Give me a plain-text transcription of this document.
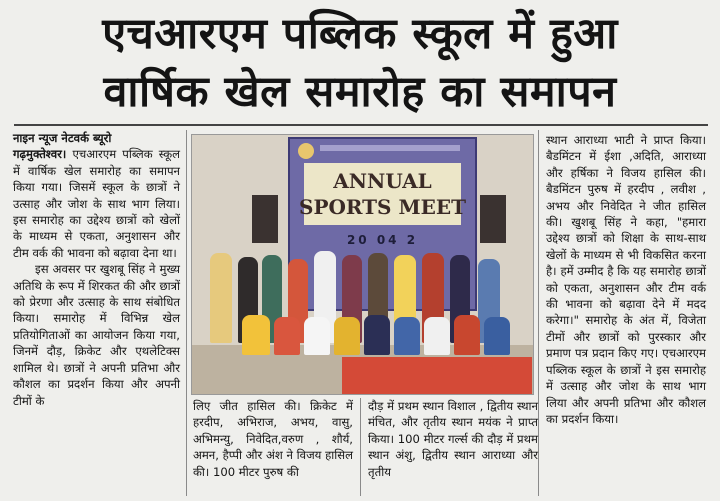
एचआरएम पब्लिक स्कूल में हुआ
वार्षिक खेल समारोह का समापन

नाइन न्यूज नेटवर्क ब्यूरो
गढ़मुक्तेश्वर। एचआरएम पब्लिक स्कूल में वार्षिक खेल समारोह का समापन किया गया। जिसमें स्कूल के छात्रों ने उत्साह और जोश के साथ भाग लिया। इस समारोह का उद्देश्य छात्रों को खेलों के माध्यम से एकता, अनुशासन और टीम वर्क की भावना को बढ़ावा देना था।

इस अवसर पर खुशबू सिंह ने मुख्य अतिथि के रूप में शिरकत की और छात्रों को प्रेरणा और उत्साह के साथ संबोधित किया। समारोह में विभिन्न खेल प्रतियोगिताओं का आयोजन किया गया, जिनमें दौड़, क्रिकेट और एथलेटिक्स शामिल थे। छात्रों ने अपनी प्रतिभा और कौशल का प्रदर्शन किया और अपनी टीमों के

ANNUAL
SPORTS MEET
20 04 2
लिए जीत हासिल की। क्रिकेट में हरदीप, अभिराज, अभय, वासु, अभिमन्यु, निवेदित,वरुण , शौर्य, अमन, हैप्पी और अंश ने विजय हासिल की। 100 मीटर पुरुष की
दौड़ में प्रथम स्थान विशाल , द्वितीय स्थान मंचित, और तृतीय स्थान मयंक ने प्राप्त किया। 100 मीटर गर्ल्स की दौड़ में प्रथम स्थान अंशु, द्वितीय स्थान आराध्या और तृतीय
स्थान आराध्या भाटी ने प्राप्त किया। बैडमिंटन में ईशा ,अदिति, आराध्या और हर्षिका ने विजय हासिल की। बैडमिंटन पुरुष में हरदीप , लवीश , अभय और निवेदित ने जीत हासिल की। खुशबू सिंह ने कहा, "हमारा उद्देश्य छात्रों को शिक्षा के साथ-साथ खेलों के माध्यम से भी विकसित करना है। हमें उम्मीद है कि यह समारोह छात्रों को एकता, अनुशासन और टीम वर्क की भावना को बढ़ावा देने में मदद करेगा।" समारोह के अंत में, विजेता टीमों और छात्रों को पुरस्कार और प्रमाण पत्र प्रदान किए गए। एचआरएम पब्लिक स्कूल के छात्रों ने इस समारोह में उत्साह और जोश के साथ भाग लिया और अपनी प्रतिभा और कौशल का प्रदर्शन किया।
